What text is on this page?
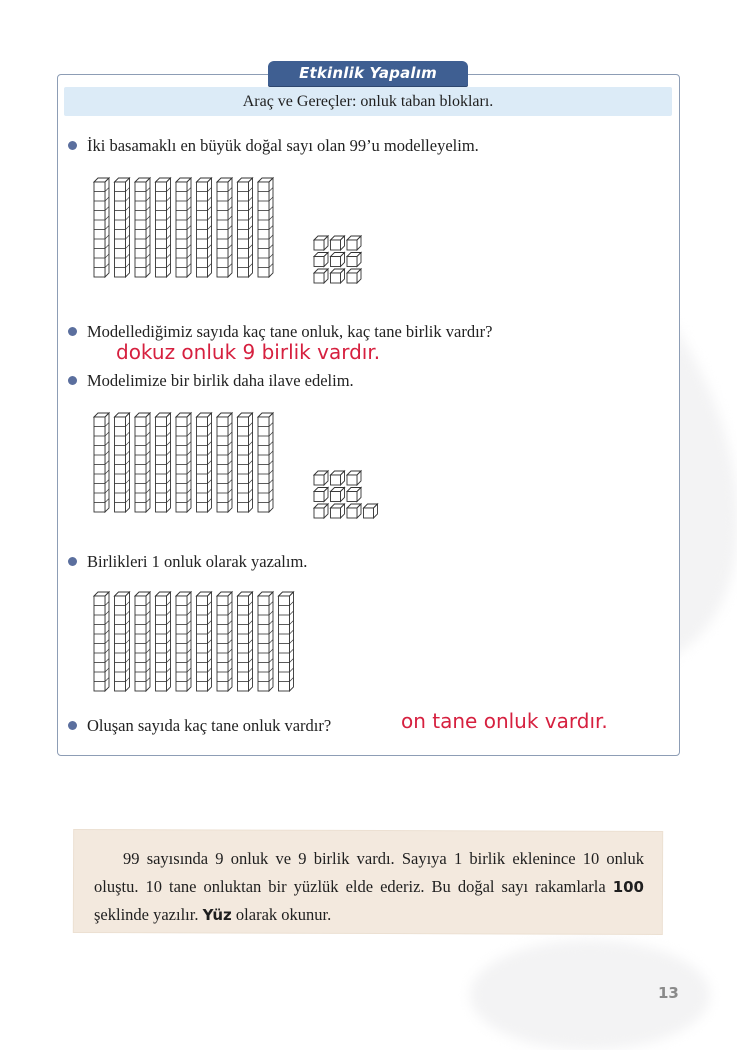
Etkinlik Yapalım
Araç ve Gereçler: onluk taban blokları.
İki basamaklı en büyük doğal sayı olan 99’u modelleyelim.
Modellediğimiz sayıda kaç tane onluk, kaç tane birlik vardır?
dokuz onluk 9 birlik vardır.
Modelimize bir birlik daha ilave edelim.
Birlikleri 1 onluk olarak yazalım.
Oluşan sayıda kaç tane onluk vardır?	on tane onluk vardır.
99 sayısında 9 onluk ve 9 birlik vardı. Sayıya 1 birlik eklenince 10 onluk oluştu. 10 tane onluktan bir yüzlük elde ederiz. Bu doğal sayı rakamlarla 100 şeklinde yazılır. Yüz olarak okunur.
13
